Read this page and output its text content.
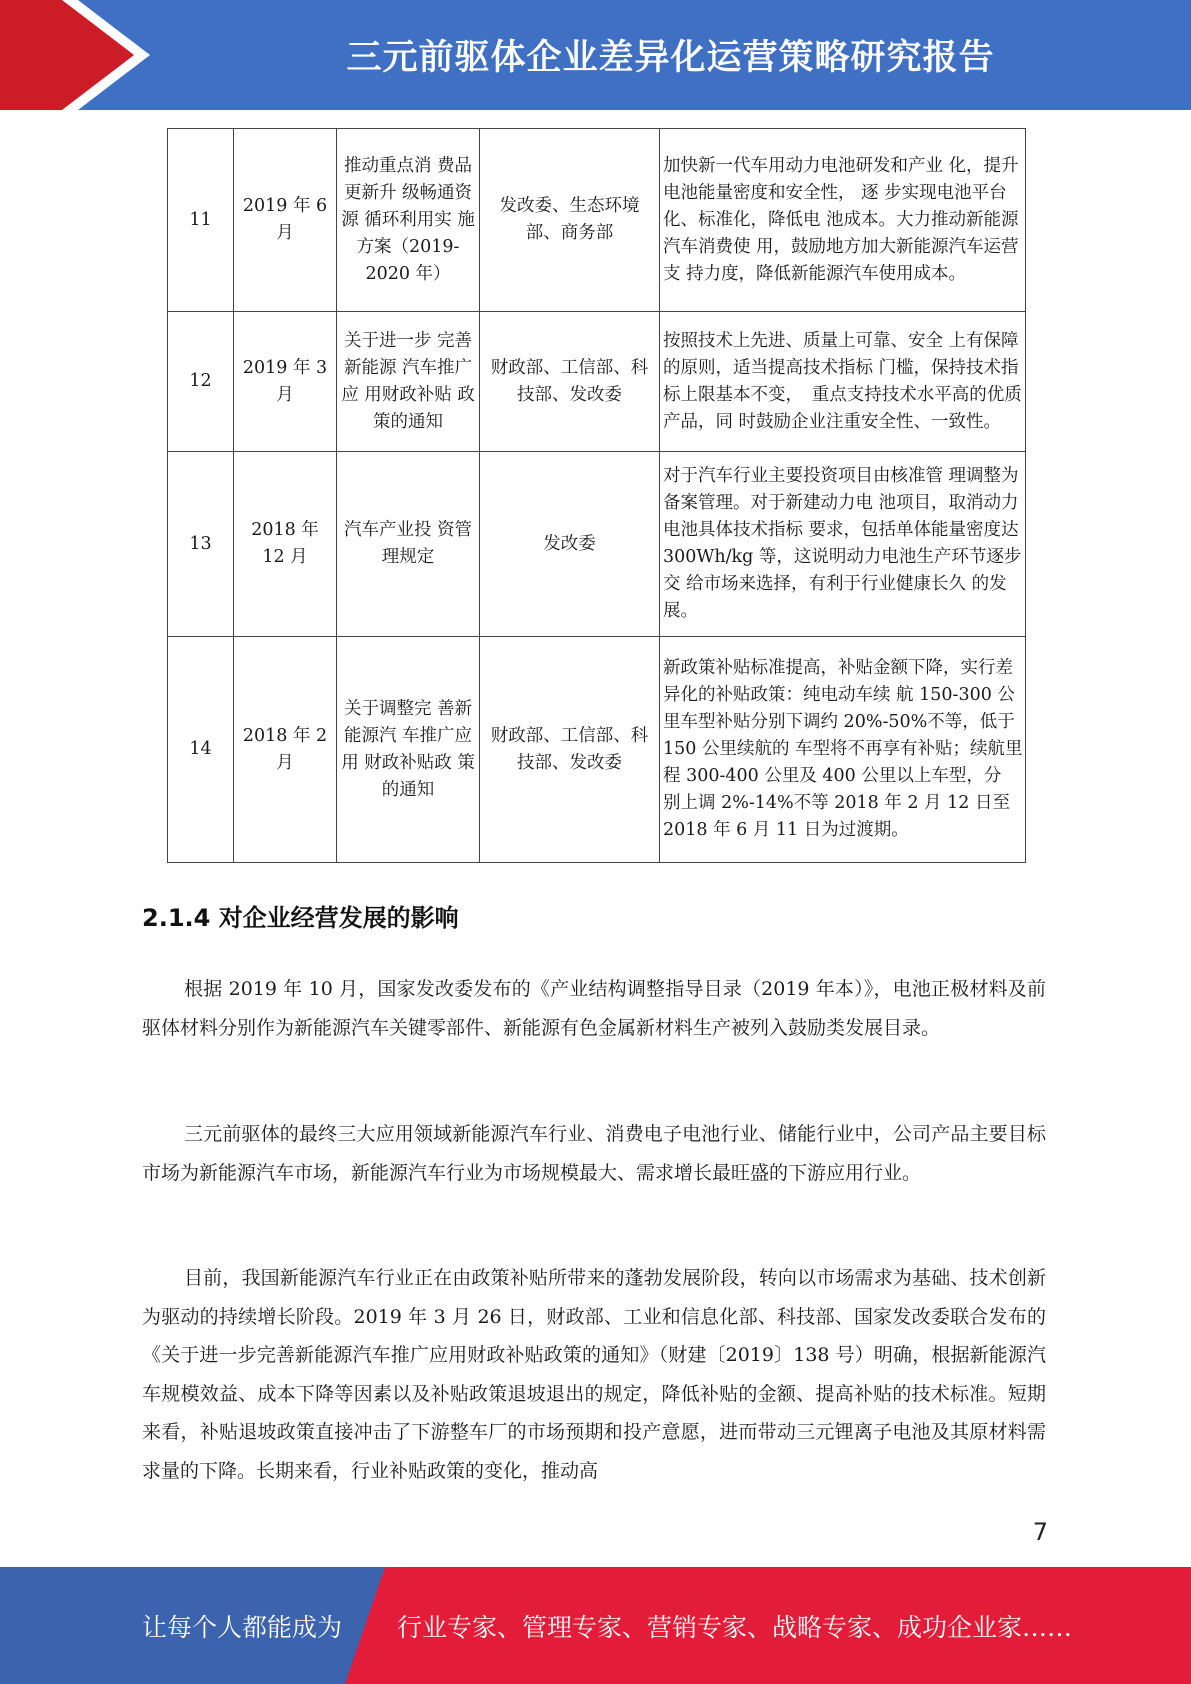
三元前驱体企业差异化运营策略研究报告
11	2019 年 6 月	推动重点消 费品更新升 级畅通资源 循环利用实 施方案（2019-2020 年）	发改委、生态环境部、商务部	加快新一代车用动力电池研发和产业 化，提升电池能量密度和安全性， 逐 步实现电池平台化、标准化，降低电 池成本。大力推动新能源汽车消费使 用，鼓励地方加大新能源汽车运营支 持力度，降低新能源汽车使用成本。
12	2019 年 3 月	关于进一步 完善新能源 汽车推广应 用财政补贴 政策的通知	财政部、工信部、科技部、发改委	按照技术上先进、质量上可靠、安全 上有保障的原则，适当提高技术指标 门槛，保持技术指标上限基本不变，　重点支持技术水平高的优质产品，同 时鼓励企业注重安全性、一致性。
13	2018 年 12 月	汽车产业投 资管理规定	发改委	对于汽车行业主要投资项目由核准管 理调整为备案管理。对于新建动力电 池项目，取消动力电池具体技术指标 要求，包括单体能量密度达 300Wh/kg 等，这说明动力电池生产环节逐步交 给市场来选择，有利于行业健康长久 的发展。
14	2018 年 2 月	关于调整完 善新能源汽 车推广应用 财政补贴政 策的通知	财政部、工信部、科技部、发改委	新政策补贴标准提高，补贴金额下降，实行差异化的补贴政策：纯电动车续 航 150-300 公里车型补贴分别下调约 20%-50%不等，低于 150 公里续航的 车型将不再享有补贴；续航里程 300-400 公里及 400 公里以上车型，分 别上调 2%-14%不等 2018 年 2 月 12 日至 2018 年 6 月 11 日为过渡期。
2.1.4 对企业经营发展的影响

根据 2019 年 10 月，国家发改委发布的《产业结构调整指导目录（2019 年本）》，电池正极材料及前驱体材料分别作为新能源汽车关键零部件、新能源有色金属新材料生产被列入鼓励类发展目录。

三元前驱体的最终三大应用领域新能源汽车行业、消费电子电池行业、储能行业中，公司产品主要目标市场为新能源汽车市场，新能源汽车行业为市场规模最大、需求增长最旺盛的下游应用行业。

目前，我国新能源汽车行业正在由政策补贴所带来的蓬勃发展阶段，转向以市场需求为基础、技术创新为驱动的持续增长阶段。2019 年 3 月 26 日，财政部、工业和信息化部、科技部、国家发改委联合发布的《关于进一步完善新能源汽车推广应用财政补贴政策的通知》（财建〔2019〕138 号）明确，根据新能源汽车规模效益、成本下降等因素以及补贴政策退坡退出的规定，降低补贴的金额、提高补贴的技术标准。短期来看，补贴退坡政策直接冲击了下游整车厂的市场预期和投产意愿，进而带动三元锂离子电池及其原材料需求量的下降。长期来看，行业补贴政策的变化，推动高

7
让每个人都能成为 行业专家、管理专家、营销专家、战略专家、成功企业家……
